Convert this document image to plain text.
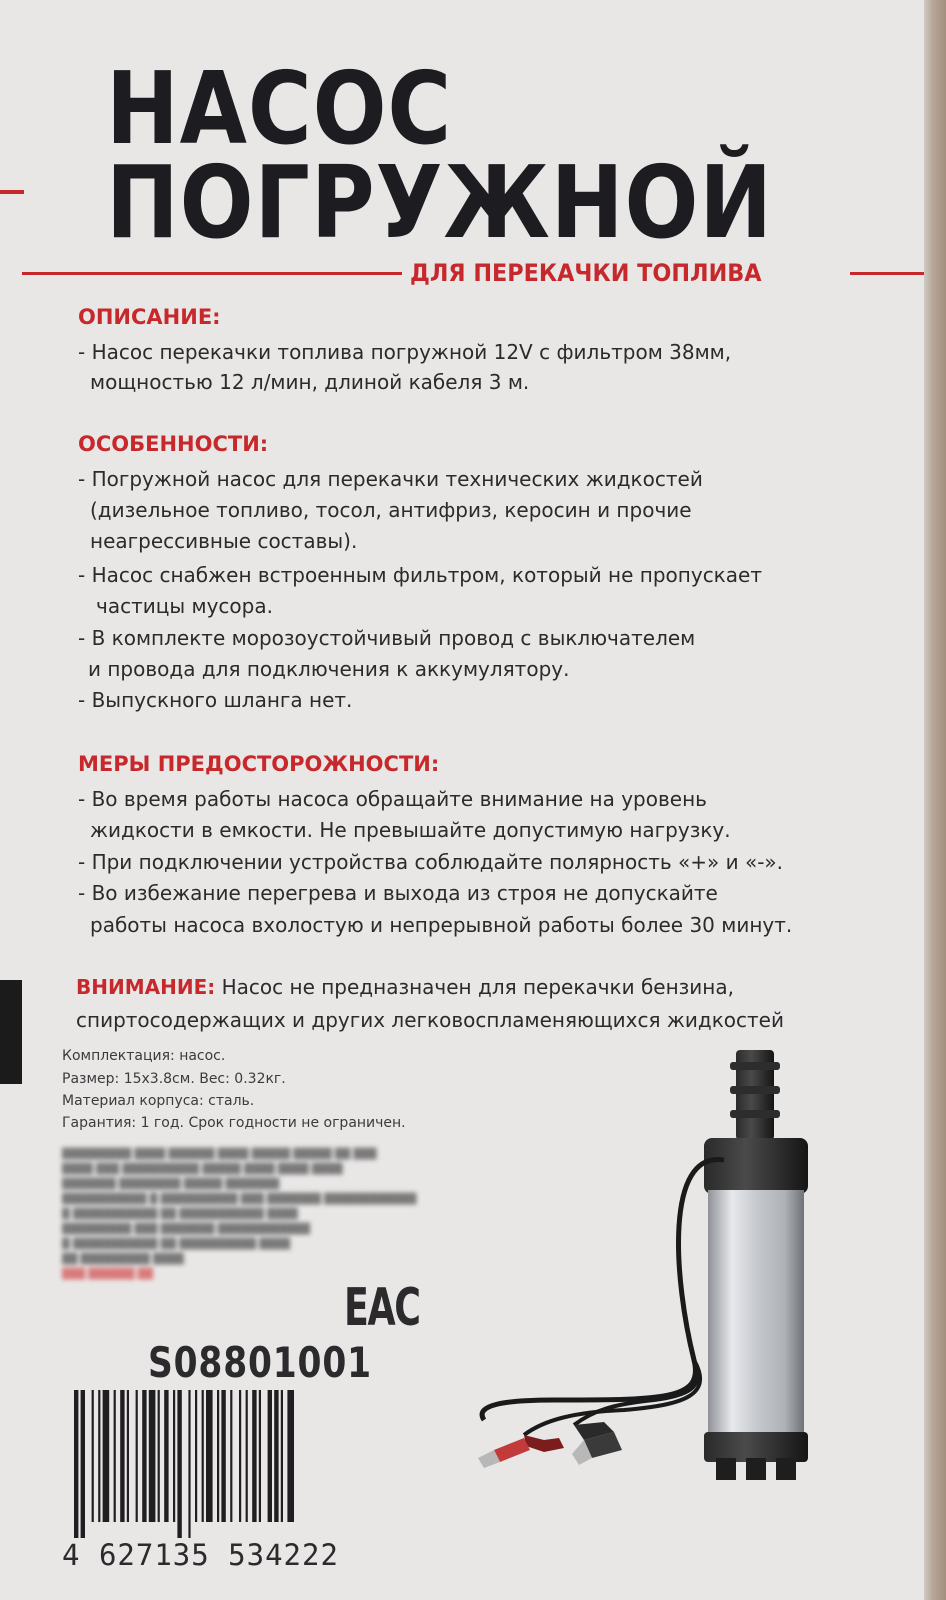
НАСОС
ПОГРУЖНОЙ
ДЛЯ ПЕРЕКАЧКИ ТОПЛИВА
ОПИСАНИЕ:
- Насос перекачки топлива погружной 12V с фильтром 38мм,
мощностью 12 л/мин, длиной кабеля 3 м.
ОСОБЕННОСТИ:
- Погружной насос для перекачки технических жидкостей
(дизельное топливо, тосол, антифриз, керосин и прочие
неагрессивные составы).
- Насос снабжен встроенным фильтром, который не пропускает
частицы мусора.
- В комплекте морозоустойчивый провод с выключателем
и провода для подключения к аккумулятору.
- Выпускного шланга нет.
МЕРЫ ПРЕДОСТОРОЖНОСТИ:
- Во время работы насоса обращайте внимание на уровень
жидкости в емкости. Не превышайте допустимую нагрузку.
- При подключении устройства соблюдайте полярность «+» и «-».
- Во избежание перегрева и выхода из строя не допускайте
работы насоса вхолостую и непрерывной работы более 30 минут.
ВНИМАНИЕ: Насос не предназначен для перекачки бензина,
спиртосодержащих и других легковоспламеняющихся жидкостей
Комплектация: насос.
Размер: 15х3.8см. Вес: 0.32кг.
Материал корпуса: сталь.
Гарантия: 1 год. Срок годности не ограничен.
█████████ ████ ██████ ████ █████ █████ ██ ███
████ ███ ██████████ █████ ████ ████ ████
███████ ████████ █████ ███████
███████████ █ ██████████ ███ ███████ ████████████
█ ███████████ ██ ███████████ ████
█████████ ███ ███████ ████████████
█ ███████████ ██ ██████████ ████
██ █████████ ████
███ ██████ ██
ЕАС
S08801001
4 627135 534222
